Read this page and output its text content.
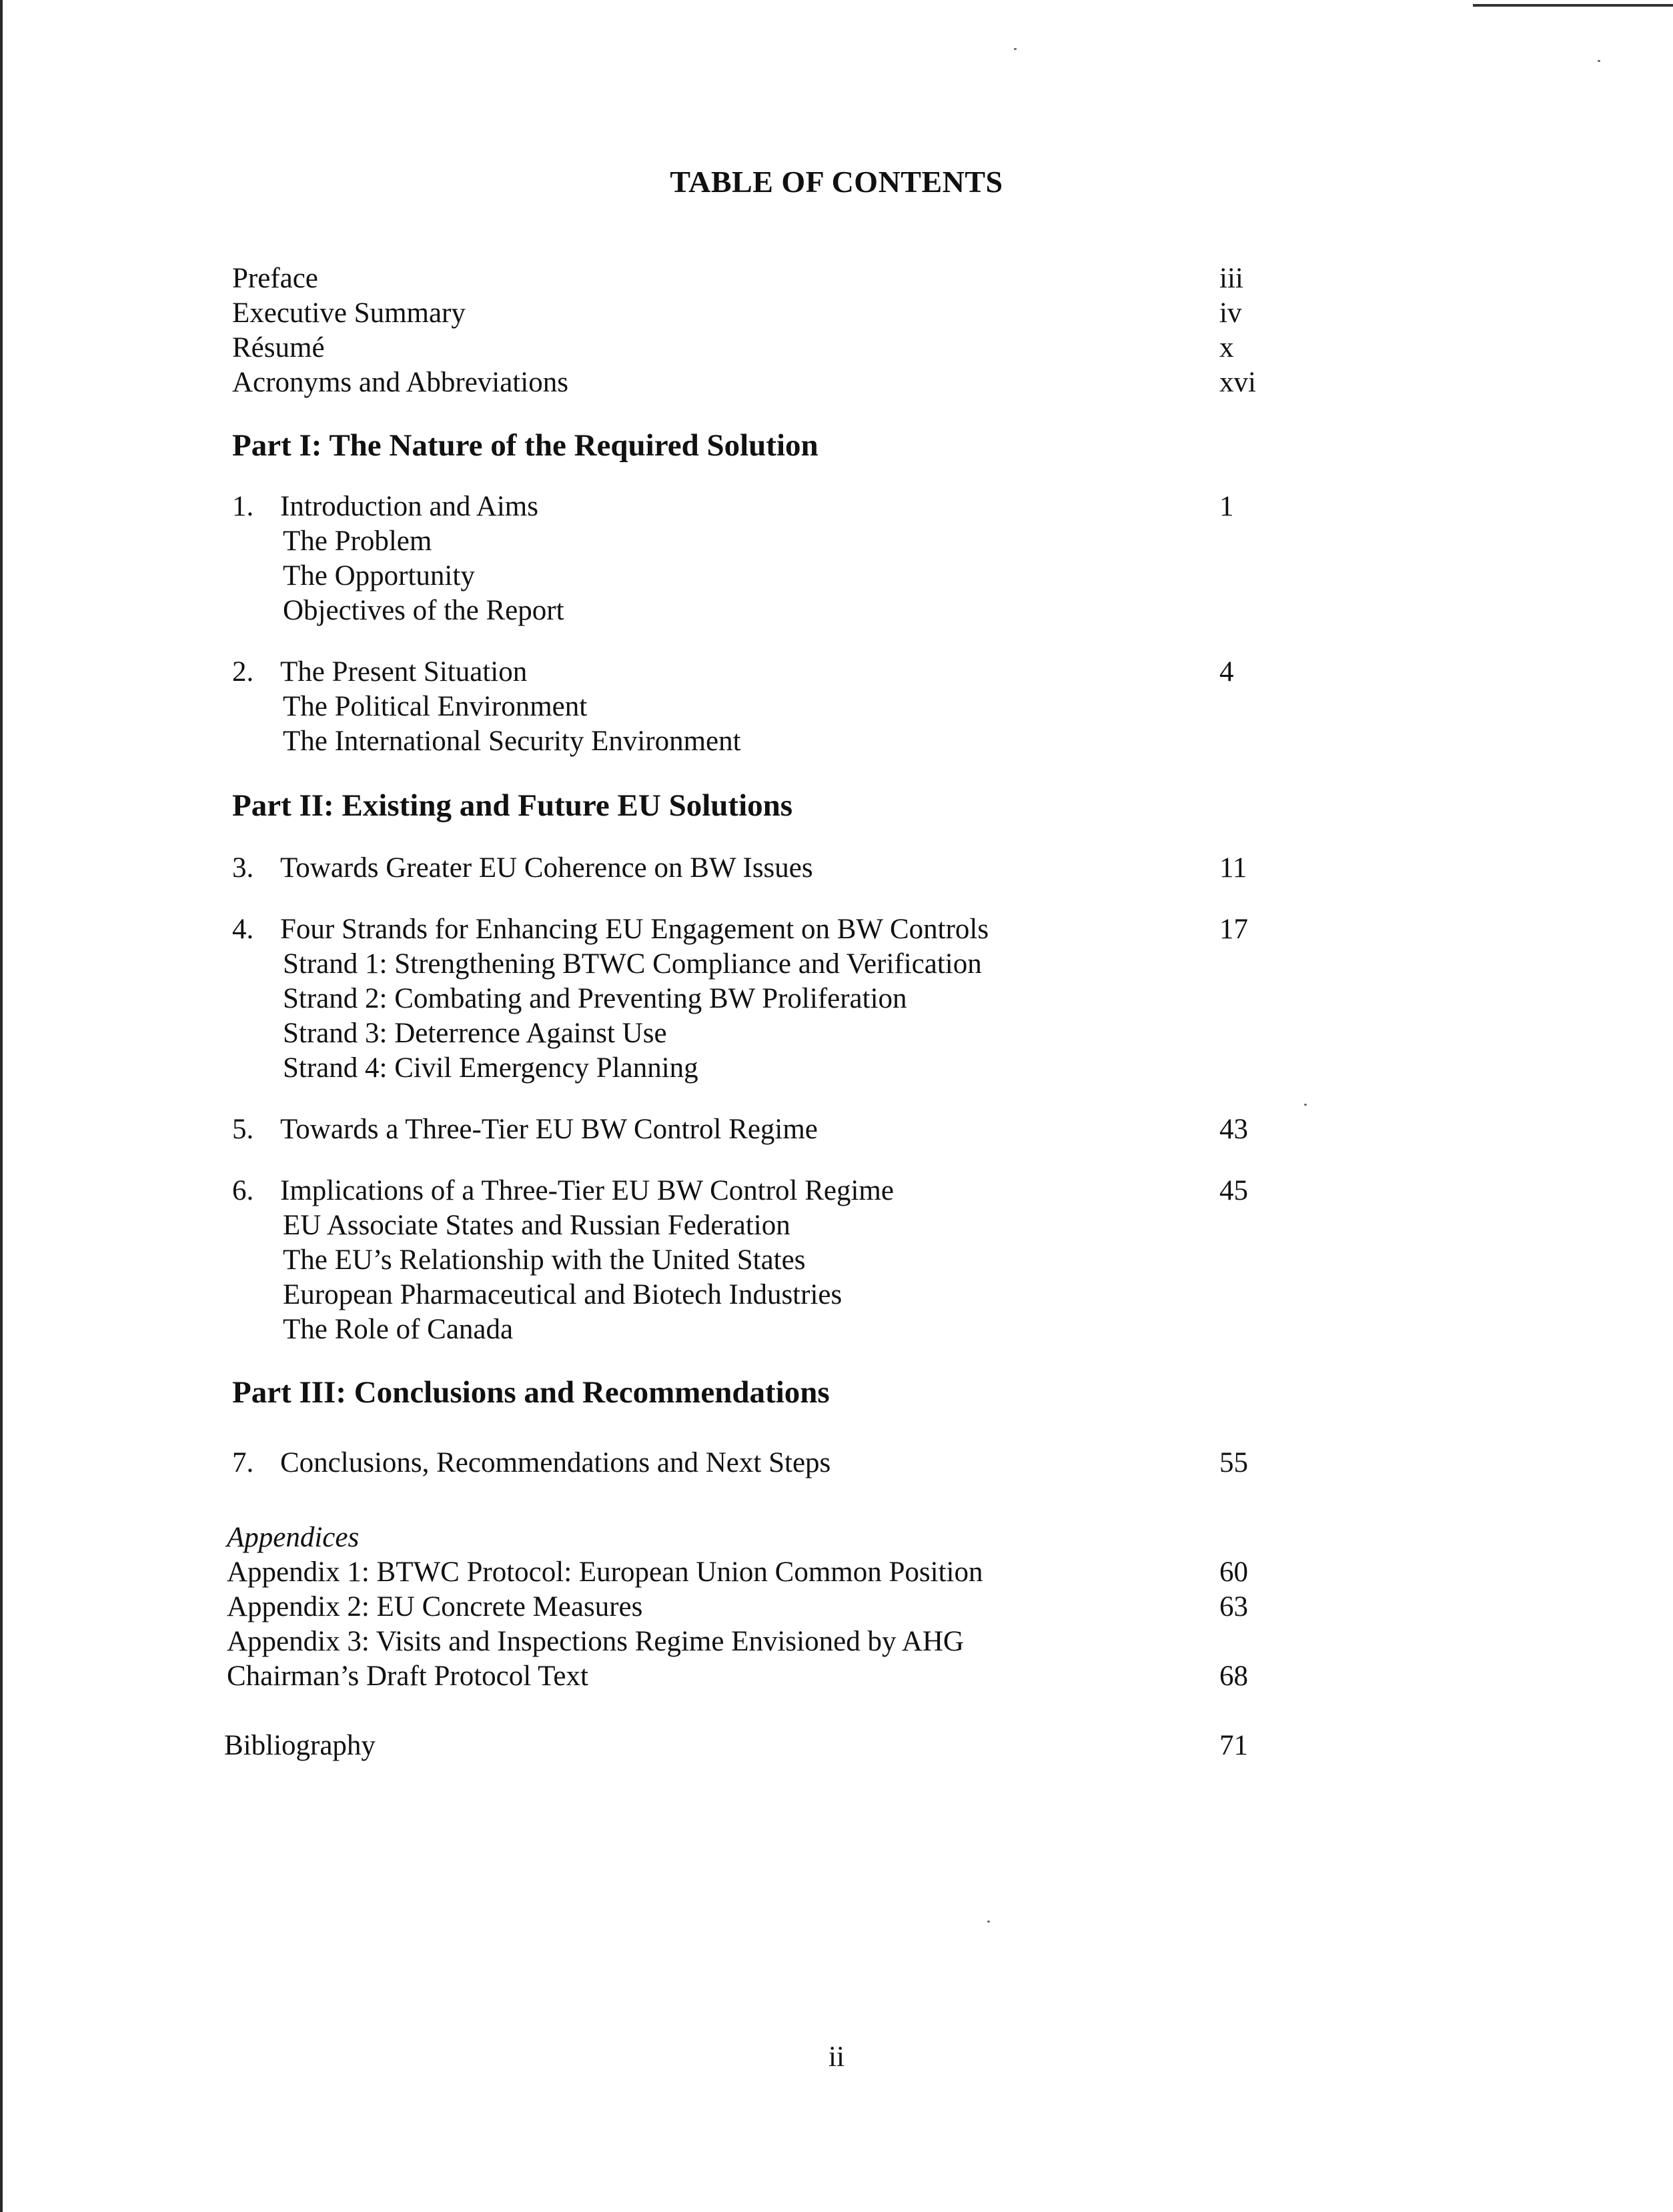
TABLE OF CONTENTS
Preface	iii
Executive Summary	iv
Résumé	x
Acronyms and Abbreviations	xvi
Part I: The Nature of the Required Solution
1. Introduction and Aims	1
The Problem
The Opportunity
Objectives of the Report
2. The Present Situation	4
The Political Environment
The International Security Environment
Part II: Existing and Future EU Solutions
3. Towards Greater EU Coherence on BW Issues	11
4. Four Strands for Enhancing EU Engagement on BW Controls	17
Strand 1: Strengthening BTWC Compliance and Verification
Strand 2: Combating and Preventing BW Proliferation
Strand 3: Deterrence Against Use
Strand 4: Civil Emergency Planning
5. Towards a Three-Tier EU BW Control Regime	43
6. Implications of a Three-Tier EU BW Control Regime	45
EU Associate States and Russian Federation
The EU’s Relationship with the United States
European Pharmaceutical and Biotech Industries
The Role of Canada
Part III: Conclusions and Recommendations
7. Conclusions, Recommendations and Next Steps	55
Appendices
Appendix 1: BTWC Protocol: European Union Common Position	60
Appendix 2: EU Concrete Measures	63
Appendix 3: Visits and Inspections Regime Envisioned by AHG
Chairman’s Draft Protocol Text	68
Bibliography	71
ii
